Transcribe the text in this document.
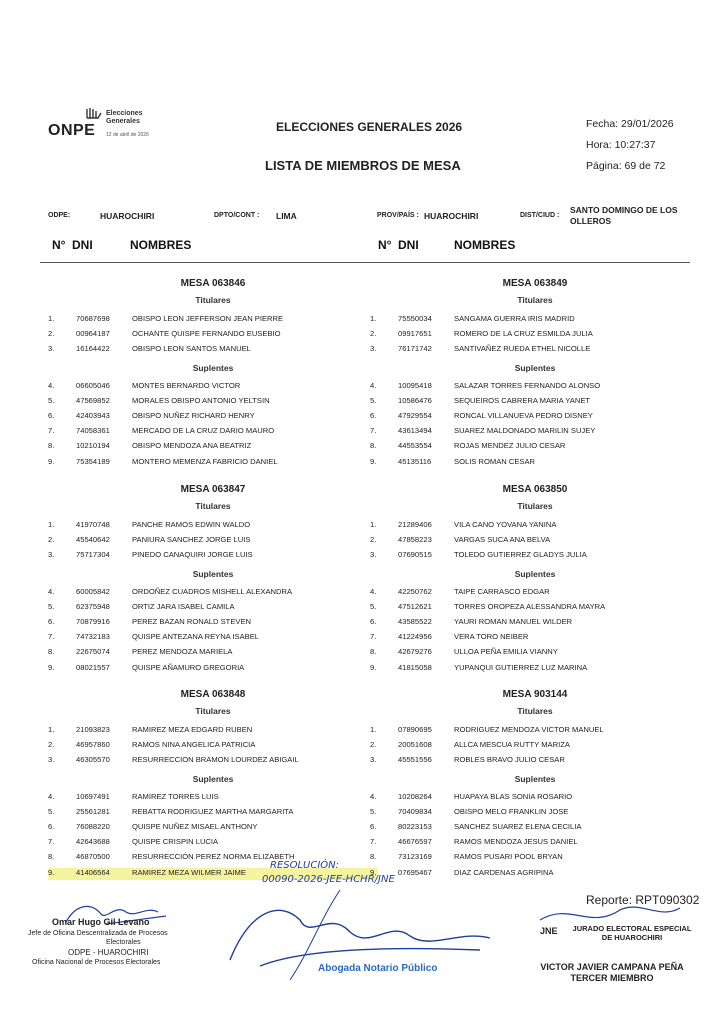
ONPE
Elecciones
Generales
12 de abril de 2026
ELECCIONES GENERALES 2026
LISTA DE MIEMBROS DE MESA
Fecha: 29/01/2026
Hora: 10:27:37
Página: 69 de 72
ODPE:	HUAROCHIRI	DPTO/CONT : LIMA	PROV/PAÍS : HUAROCHIRI	DIST/CIUD :
SANTO DOMINGO DE LOS
OLLEROS
N° DNI	NOMBRES	N° DNI	NOMBRES
MESA 063846
Titulares
1.	70687698	OBISPO LEON JEFFERSON JEAN PIERRE
2.	00964187	OCHANTE QUISPE FERNANDO EUSEBIO
3.	16164422	OBISPO LEON SANTOS MANUEL
Suplentes
4.	06605046	MONTES BERNARDO VICTOR
5.	47569852	MORALES OBISPO ANTONIO YELTSIN
6.	42403943	OBISPO NUÑEZ RICHARD HENRY
7.	74058361	MERCADO DE LA CRUZ DARIO MAURO
8.	10210194	OBISPO MENDOZA ANA BEATRIZ
9.	75354189	MONTERO MEMENZA FABRICIO DANIEL
MESA 063849
Titulares
1.	75550034	SANGAMA GUERRA IRIS MADRID
2.	09917651	ROMERO DE LA CRUZ ESMILDA JULIA
3.	76171742	SANTIVAÑEZ RUEDA ETHEL NICOLLE
Suplentes
4.	10095418	SALAZAR TORRES FERNANDO ALONSO
5.	10586476	SEQUEIROS CABRERA MARIA YANET
6.	47929554	RONCAL VILLANUEVA PEDRO DISNEY
7.	43613494	SUAREZ MALDONADO MARILIN SUJEY
8.	44553554	ROJAS MENDEZ JULIO CESAR
9.	45135116	SOLIS ROMAN CESAR
MESA 063847
Titulares
1.	41970748	PANCHE RAMOS EDWIN WALDO
2.	45540642	PANIURA SANCHEZ JORGE LUIS
3.	75717304	PINEDO CANAQUIRI JORGE LUIS
Suplentes
4.	60005842	ORDOÑEZ CUADROS MISHELL ALEXANDRA
5.	62375948	ORTIZ JARA ISABEL CAMILA
6.	70879916	PEREZ BAZAN RONALD STEVEN
7.	74732183	QUISPE ANTEZANA REYNA ISABEL
8.	22675074	PEREZ MENDOZA MARIELA
9.	08021557	QUISPE AÑAMURO GREGORIA
MESA 063850
Titulares
1.	21289406	VILA CANO YOVANA YANINA
2.	47858223	VARGAS SUCA ANA BELVA
3.	07690515	TOLEDO GUTIERREZ GLADYS JULIA
Suplentes
4.	42250762	TAIPE CARRASCO EDGAR
5.	47512621	TORRES OROPEZA ALESSANDRA MAYRA
6.	43585522	YAURI ROMAN MANUEL WILDER
7.	41224956	VERA TORO NEIBER
8.	42679276	ULLOA PEÑA EMILIA VIANNY
9.	41815058	YUPANQUI GUTIERREZ LUZ MARINA
MESA 063848
Titulares
1.	21093823	RAMIREZ MEZA EDGARD RUBEN
2.	46957860	RAMOS NINA ANGELICA PATRICIA
3.	46305570	RESURRECCION BRAMON LOURDEZ ABIGAIL
Suplentes
4.	10697491	RAMIREZ TORRES LUIS
5.	25561281	REBATTA RODRIGUEZ MARTHA MARGARITA
6.	76088220	QUISPE NUÑEZ MISAEL ANTHONY
7.	42643688	QUISPE CRISPIN LUCIA
8.	46870500	RESURRECCIÓN PEREZ NORMA ELIZABETH
9.	41406564	RAMIREZ MEZA WILMER JAIME
MESA 903144
Titulares
1.	07890695	RODRIGUEZ MENDOZA VICTOR MANUEL
2.	20051608	ALLCA MESCUA RUTTY MARIZA
3.	45551556	ROBLES BRAVO JULIO CESAR
Suplentes
4.	10208264	HUAPAYA BLAS SONIA ROSARIO
5.	70409834	OBISPO MELO FRANKLIN JOSE
6.	80223153	SANCHEZ SUAREZ ELENA CECILIA
7.	46676597	RAMOS MENDOZA JESUS DANIEL
8.	73123169	RAMOS PUSARI POOL BRYAN
9.	07695467	DIAZ CARDENAS AGRIPINA
RESOLUCIÓN:
00090-2026-JEE-HCHR/JNE
Omar Hugo Gil Levano
Jefe de Oficina Descentralizada de Procesos
Electorales
ODPE - HUAROCHIRI
Oficina Nacional de Procesos Electorales
Abogada Notario Público
Reporte: RPT090302
JNE	JURADO ELECTORAL ESPECIAL
DE HUAROCHIRI
VICTOR JAVIER CAMPANA PEÑA
TERCER MIEMBRO
